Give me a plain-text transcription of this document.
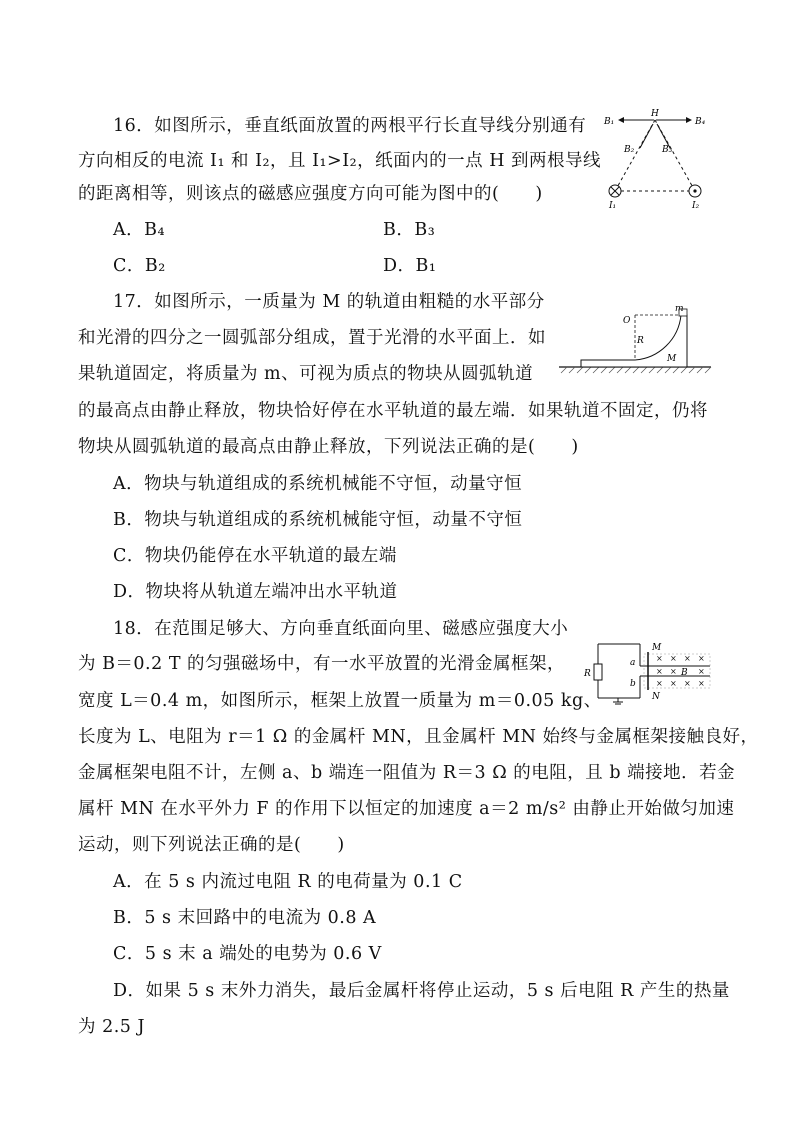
16．如图所示，垂直纸面放置的两根平行长直导线分别通有
方向相反的电流 I₁ 和 I₂，且 I₁>I₂，纸面内的一点 H 到两根导线
的距离相等，则该点的磁感应强度方向可能为图中的(　　)
A．B₄	B．B₃
C．B₂	D．B₁
B₁
H
B₄
B₂	B₃
I₁	I₂
17．如图所示，一质量为 M 的轨道由粗糙的水平部分
和光滑的四分之一圆弧部分组成，置于光滑的水平面上．如
果轨道固定，将质量为 m、可视为质点的物块从圆弧轨道
的最高点由静止释放，物块恰好停在水平轨道的最左端．如果轨道不固定，仍将
物块从圆弧轨道的最高点由静止释放，下列说法正确的是(　　)
A．物块与轨道组成的系统机械能不守恒，动量守恒
B．物块与轨道组成的系统机械能守恒，动量不守恒
C．物块仍能停在水平轨道的最左端
D．物块将从轨道左端冲出水平轨道
O
m
R
M
18．在范围足够大、方向垂直纸面向里、磁感应强度大小
为 B＝0.2 T 的匀强磁场中，有一水平放置的光滑金属框架，
宽度 L＝0.4 m，如图所示，框架上放置一质量为 m＝0.05 kg、
长度为 L、电阻为 r＝1 Ω 的金属杆 MN，且金属杆 MN 始终与金属框架接触良好，
金属框架电阻不计，左侧 a、b 端连一阻值为 R＝3 Ω 的电阻，且 b 端接地．若金
属杆 MN 在水平外力 F 的作用下以恒定的加速度 a＝2 m/s² 由静止开始做匀加速
运动，则下列说法正确的是(　　)
A．在 5 s 内流过电阻 R 的电荷量为 0.1 C
B．5 s 末回路中的电流为 0.8 A
C．5 s 末 a 端处的电势为 0.6 V
D．如果 5 s 末外力消失，最后金属杆将停止运动，5 s 后电阻 R 产生的热量
为 2.5 J
× × × ×
× ×	×
× × × ×
R
a
b
M
N
B
